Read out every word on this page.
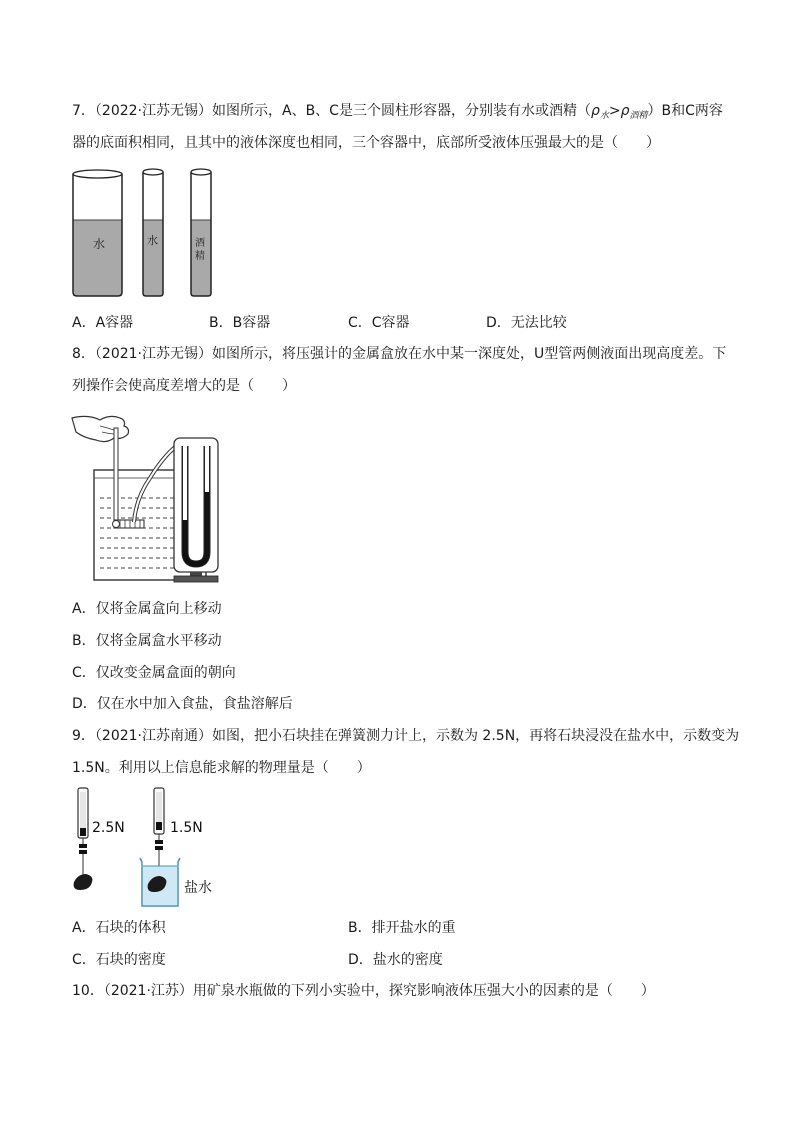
7．（2022·江苏无锡）如图所示，A、B、C是三个圆柱形容器，分别装有水或酒精$(\rho_水>\rho_{酒精})B$和C两容
器的底面积相同，且其中的液体深度也相同，三个容器中，底部所受液体压强最大的是（　　）
水	水	酒
精
A．A容器	B．B容器	C．C容器	D．无法比较
8．（2021·江苏无锡）如图所示，将压强计的金属盒放在水中某一深度处，U型管两侧液面出现高度差。下
列操作会使高度差增大的是（　　）
A．仅将金属盒向上移动
B．仅将金属盒水平移动
C．仅改变金属盒面的朝向
D．仅在水中加入食盐，食盐溶解后
9．（2021·江苏南通）如图，把小石块挂在弹簧测力计上，示数为 2.5N，再将石块浸没在盐水中，示数变为
1.5N。利用以上信息能求解的物理量是（　　）
2.5N	1.5N
盐水
A．石块的体积	B．排开盐水的重
C．石块的密度	D．盐水的密度
10．（2021·江苏）用矿泉水瓶做的下列小实验中，探究影响液体压强大小的因素的是（　　）
